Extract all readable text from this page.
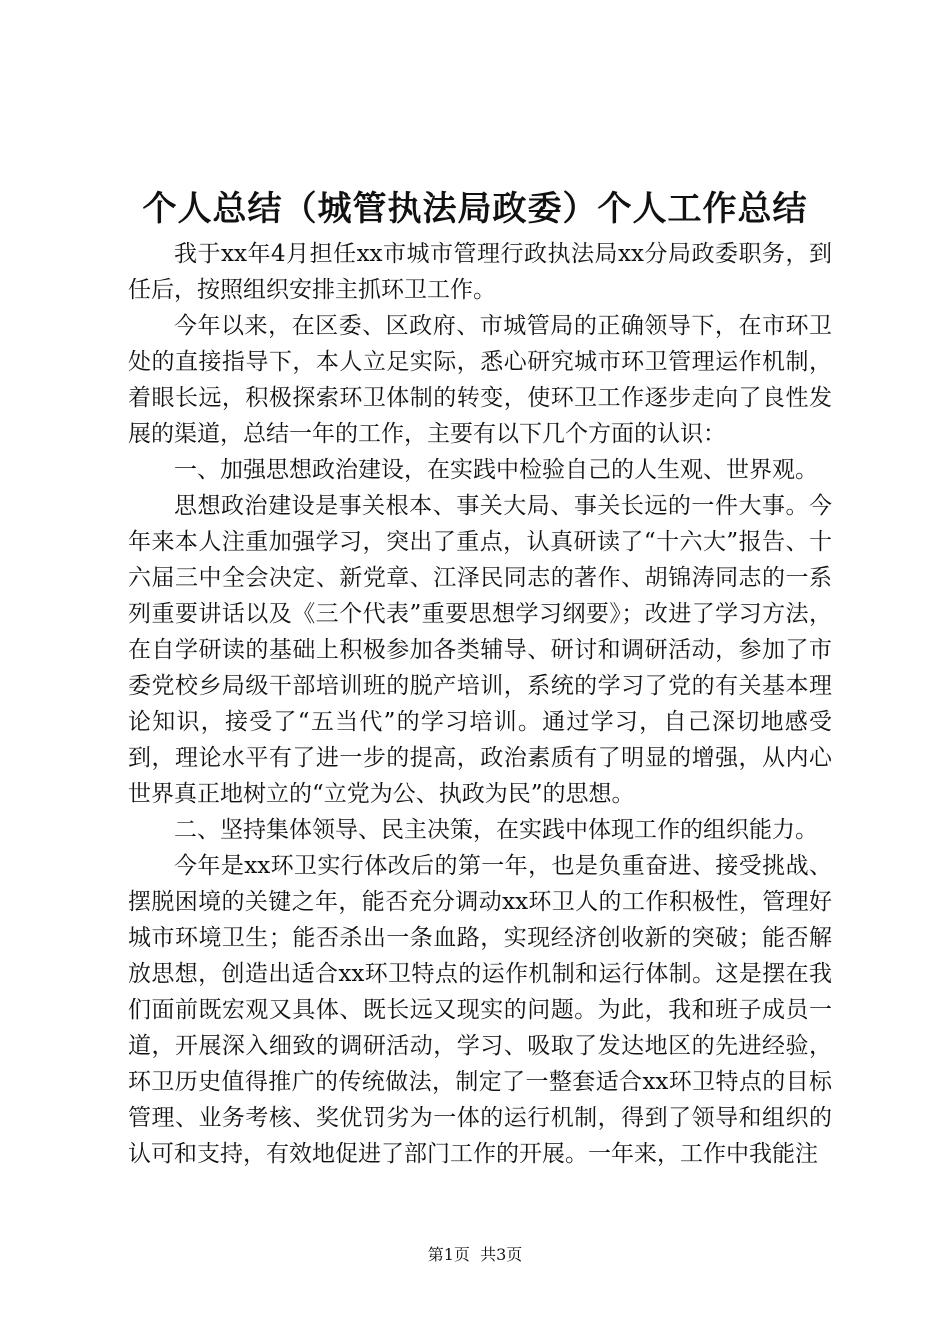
个人总结（城管执法局政委）个人工作总结

我于xx年4月担任xx市城市管理行政执法局xx分局政委职务，到任后，按照组织安排主抓环卫工作。

今年以来，在区委、区政府、市城管局的正确领导下，在市环卫处的直接指导下，本人立足实际，悉心研究城市环卫管理运作机制，着眼长远，积极探索环卫体制的转变，使环卫工作逐步走向了良性发展的渠道，总结一年的工作，主要有以下几个方面的认识：

一、加强思想政治建设，在实践中检验自己的人生观、世界观。

思想政治建设是事关根本、事关大局、事关长远的一件大事。今年来本人注重加强学习，突出了重点，认真研读了“十六大”报告、十六届三中全会决定、新党章、江泽民同志的著作、胡锦涛同志的一系列重要讲话以及《三个代表”重要思想学习纲要》；改进了学习方法，在自学研读的基础上积极参加各类辅导、研讨和调研活动，参加了市委党校乡局级干部培训班的脱产培训，系统的学习了党的有关基本理论知识，接受了“五当代”的学习培训。通过学习，自己深切地感受到，理论水平有了进一步的提高，政治素质有了明显的增强，从内心世界真正地树立的“立党为公、执政为民”的思想。

二、坚持集体领导、民主决策，在实践中体现工作的组织能力。

今年是xx环卫实行体改后的第一年，也是负重奋进、接受挑战、摆脱困境的关键之年，能否充分调动xx环卫人的工作积极性，管理好城市环境卫生；能否杀出一条血路，实现经济创收新的突破；能否解放思想，创造出适合xx环卫特点的运作机制和运行体制。这是摆在我们面前既宏观又具体、既长远又现实的问题。为此，我和班子成员一道，开展深入细致的调研活动，学习、吸取了发达地区的先进经验，环卫历史值得推广的传统做法，制定了一整套适合xx环卫特点的目标管理、业务考核、奖优罚劣为一体的运行机制，得到了领导和组织的认可和支持，有效地促进了部门工作的开展。一年来，工作中我能注

第1页 共3页
